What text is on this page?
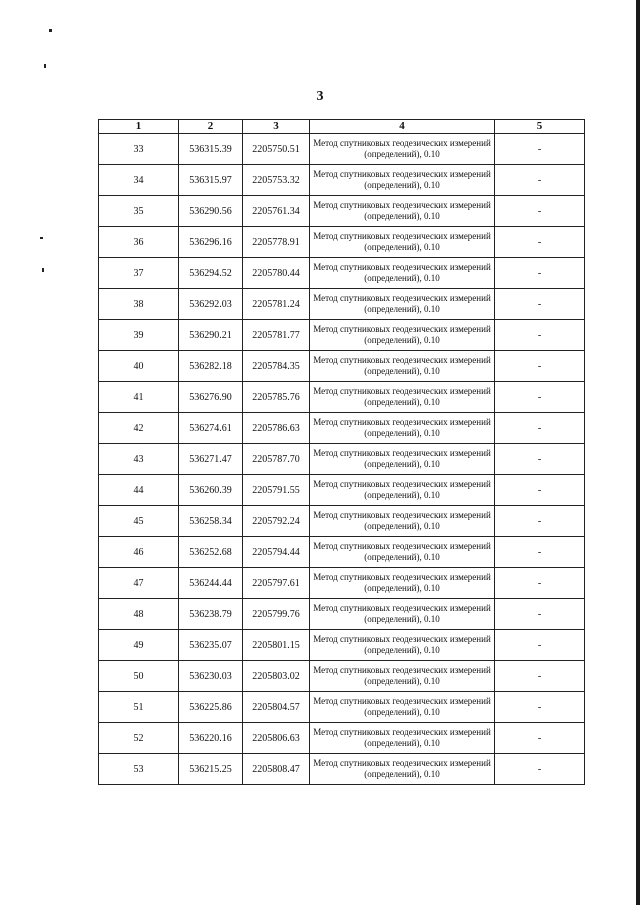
3
1	2	3	4	5
33	536315.39	2205750.51	Метод спутниковых геодезических измерений (определений), 0.10	-
34	536315.97	2205753.32	Метод спутниковых геодезических измерений (определений), 0.10	-
35	536290.56	2205761.34	Метод спутниковых геодезических измерений (определений), 0.10	-
36	536296.16	2205778.91	Метод спутниковых геодезических измерений (определений), 0.10	-
37	536294.52	2205780.44	Метод спутниковых геодезических измерений (определений), 0.10	-
38	536292.03	2205781.24	Метод спутниковых геодезических измерений (определений), 0.10	-
39	536290.21	2205781.77	Метод спутниковых геодезических измерений (определений), 0.10	-
40	536282.18	2205784.35	Метод спутниковых геодезических измерений (определений), 0.10	-
41	536276.90	2205785.76	Метод спутниковых геодезических измерений (определений), 0.10	-
42	536274.61	2205786.63	Метод спутниковых геодезических измерений (определений), 0.10	-
43	536271.47	2205787.70	Метод спутниковых геодезических измерений (определений), 0.10	-
44	536260.39	2205791.55	Метод спутниковых геодезических измерений (определений), 0.10	-
45	536258.34	2205792.24	Метод спутниковых геодезических измерений (определений), 0.10	-
46	536252.68	2205794.44	Метод спутниковых геодезических измерений (определений), 0.10	-
47	536244.44	2205797.61	Метод спутниковых геодезических измерений (определений), 0.10	-
48	536238.79	2205799.76	Метод спутниковых геодезических измерений (определений), 0.10	-
49	536235.07	2205801.15	Метод спутниковых геодезических измерений (определений), 0.10	-
50	536230.03	2205803.02	Метод спутниковых геодезических измерений (определений), 0.10	-
51	536225.86	2205804.57	Метод спутниковых геодезических измерений (определений), 0.10	-
52	536220.16	2205806.63	Метод спутниковых геодезических измерений (определений), 0.10	-
53	536215.25	2205808.47	Метод спутниковых геодезических измерений (определений), 0.10	-
